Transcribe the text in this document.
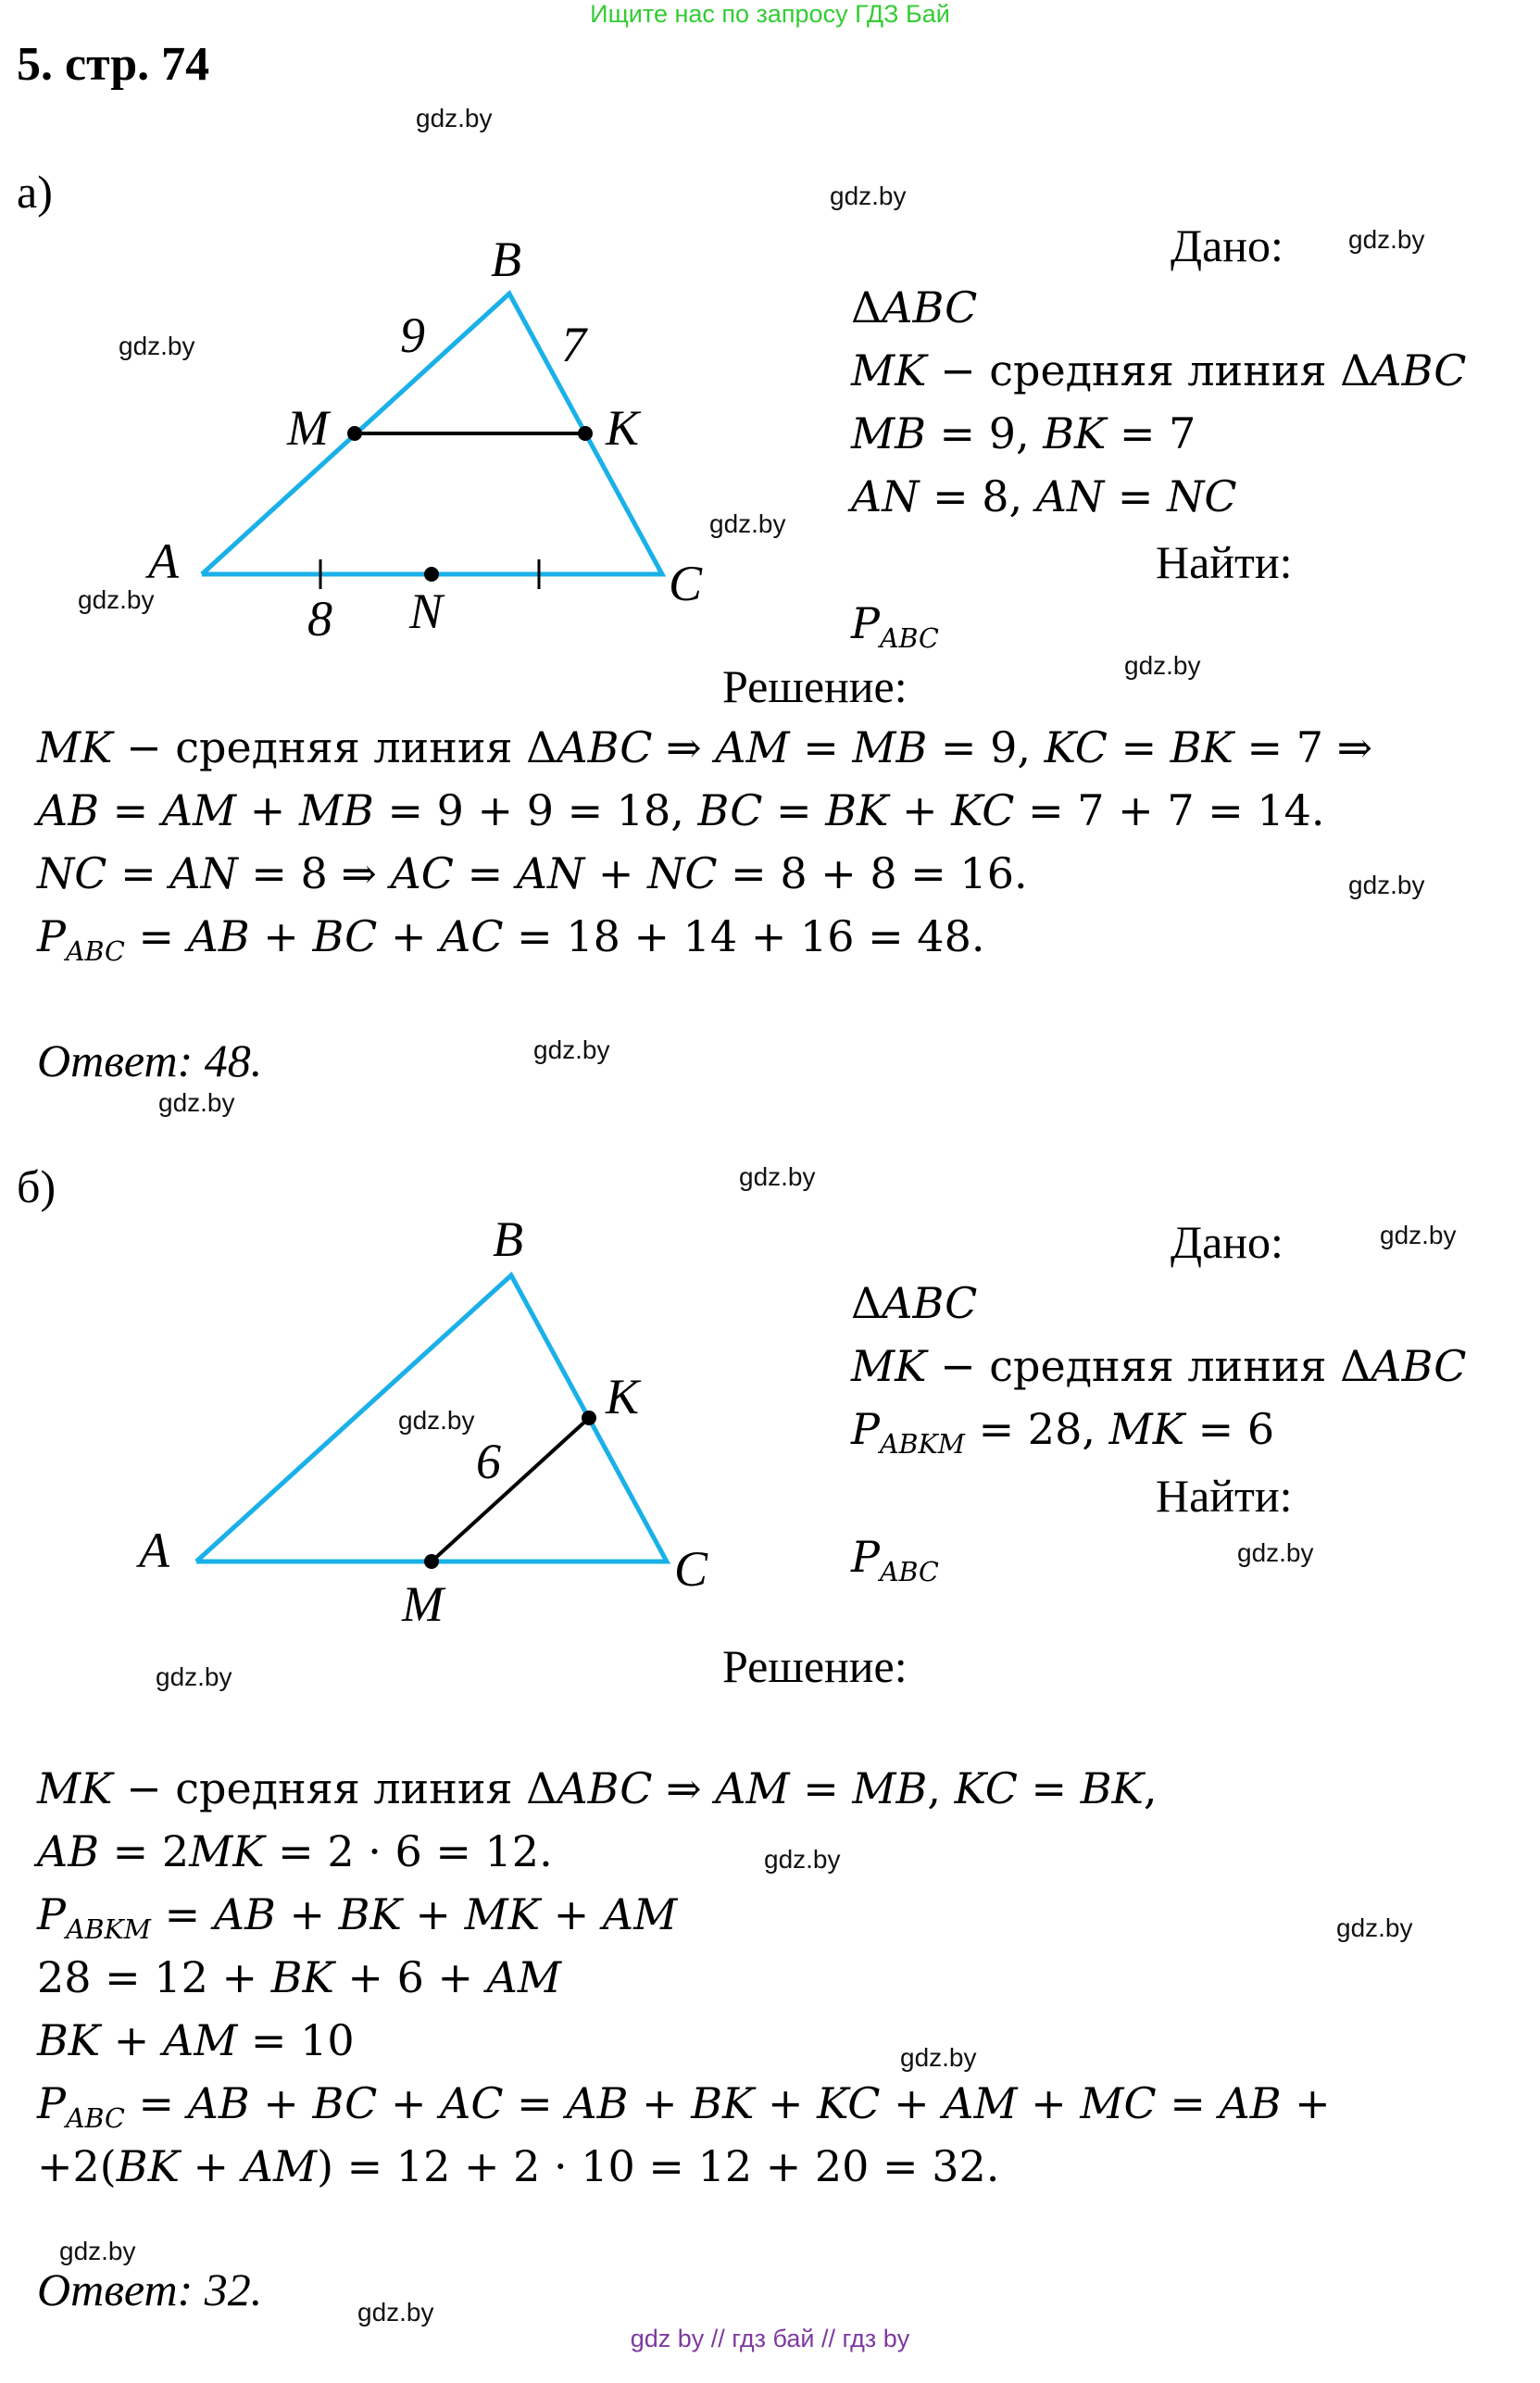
Ищите нас по запросу ГДЗ Бай
5. стр. 74
gdz.by
gdz.by
gdz.by
gdz.by
gdz.by
gdz.by
gdz.by
gdz.by
gdz.by
gdz.by
gdz.by
gdz.by
gdz.by
gdz.by
gdz.by
gdz.by
gdz.by
gdz.by
gdz.by
gdz.by
а)
B
A	C
M	K
N
9	7
8
Дано:
ΔABC
MK − средняя линия ΔABC
MB = 9, BK = 7
AN = 8, AN = NC
Найти:
$P_{ABC}$
Решение:
MK − средняя линия ΔABC ⇒ AM = MB = 9, KC = BK = 7 ⇒
AB = AM + MB = 9 + 9 = 18, BC = BK + KC = 7 + 7 = 14.
NC = AN = 8 ⇒ AC = AN + NC = 8 + 8 = 16.
$P_{ABC}$ = AB + BC + AC = 18 + 14 + 16 = 48.
Ответ: 48.
б)
B
A	C
K
M
6
Дано:
ΔABC
MK − средняя линия ΔABC
$P_{ABKM} = 28$, MK = 6
Найти:
$P_{ABC}$
Решение:
MK − средняя линия ΔABC ⇒ AM = MB, KC = BK,
AB = 2MK = 2 · 6 = 12.
$P_{ABKM}$ = AB + BK + MK + AM
28 = 12 + BK + 6 + AM
BK + AM = 10
$P_{ABC}$ = AB + BC + AC = AB + BK + KC + AM + MC = AB +
+2(BK + AM) = 12 + 2 · 10 = 12 + 20 = 32.
Ответ: 32.
gdz by // гдз бай // гдз by
